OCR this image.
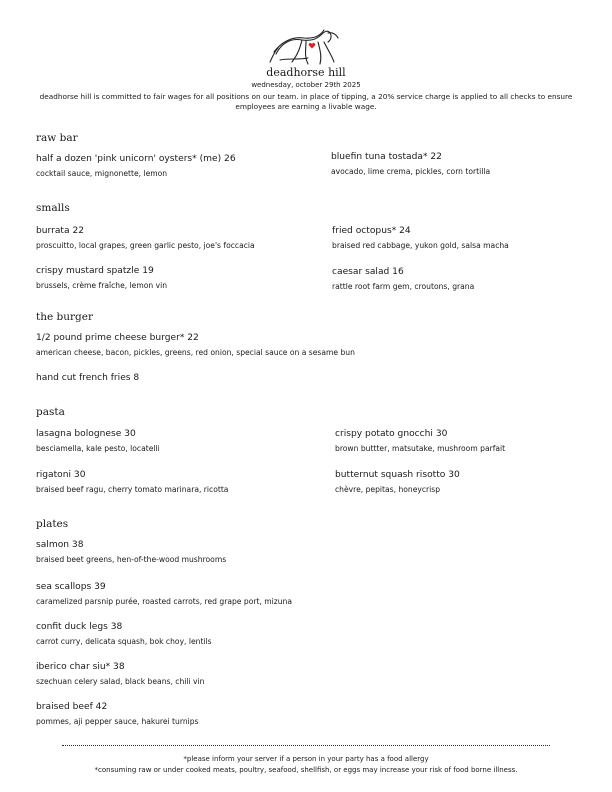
deadhorse hill
wednesday, october 29th 2025
deadhorse hill is committed to fair wages for all positions on our team. in place of tipping, a 20% service charge is applied to all checks to ensure employees are earning a livable wage.
raw bar
half a dozen 'pink unicorn' oysters* (me) 26
cocktail sauce, mignonette, lemon
bluefin tuna tostada* 22
avocado, lime crema, pickles, corn tortilla
smalls
burrata 22
proscuitto, local grapes, green garlic pesto, joe's foccacia
fried octopus* 24
braised red cabbage, yukon gold, salsa macha
crispy mustard spatzle 19
brussels, crème fraîche, lemon vin
caesar salad 16
rattle root farm gem, croutons, grana
the burger
1/2 pound prime cheese burger* 22
american cheese, bacon, pickles, greens, red onion, special sauce on a sesame bun
hand cut french fries 8
pasta
lasagna bolognese 30
besciamella, kale pesto, locatelli
crispy potato gnocchi 30
brown buttter, matsutake, mushroom parfait
rigatoni 30
braised beef ragu, cherry tomato marinara, ricotta
butternut squash risotto 30
chèvre, pepitas, honeycrisp
plates
salmon 38
braised beet greens, hen-of-the-wood mushrooms
sea scallops 39
caramelized parsnip purée, roasted carrots, red grape port, mizuna
confit duck legs 38
carrot curry, delicata squash, bok choy, lentils
iberico char siu* 38
szechuan celery salad, black beans, chili vin
braised beef 42
pommes, aji pepper sauce, hakurei turnips
*please inform your server if a person in your party has a food allergy
*consuming raw or under cooked meats, poultry, seafood, shellfish, or eggs may increase your risk of food borne illness.
